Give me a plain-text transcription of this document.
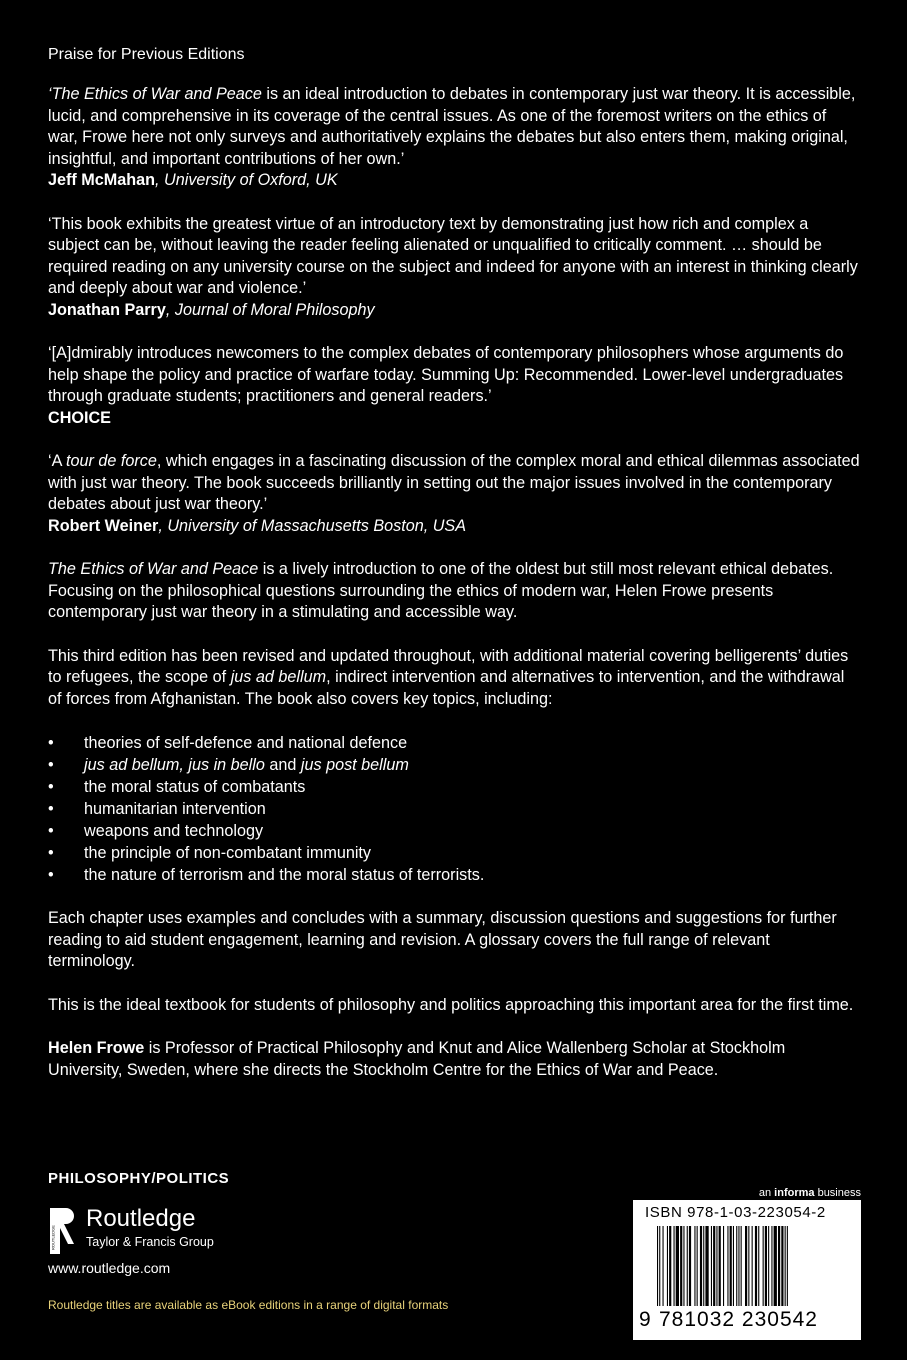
Praise for Previous Editions

‘The Ethics of War and Peace is an ideal introduction to debates in contemporary just war theory. It is accessible, lucid, and comprehensive in its coverage of the central issues. As one of the foremost writers on the ethics of war, Frowe here not only surveys and authoritatively explains the debates but also enters them, making original, insightful, and important contributions of her own.’

Jeff McMahan, University of Oxford, UK

‘This book exhibits the greatest virtue of an introductory text by demonstrating just how rich and complex a subject can be, without leaving the reader feeling alienated or unqualified to critically comment. … should be required reading on any university course on the subject and indeed for anyone with an interest in thinking clearly and deeply about war and violence.’

Jonathan Parry, Journal of Moral Philosophy

‘[A]dmirably introduces newcomers to the complex debates of contemporary philosophers whose arguments do help shape the policy and practice of warfare today. Summing Up: Recommended. Lower-level undergraduates through graduate students; practitioners and general readers.’

CHOICE

‘A tour de force, which engages in a fascinating discussion of the complex moral and ethical dilemmas associated with just war theory. The book succeeds brilliantly in setting out the major issues involved in the contemporary debates about just war theory.’

Robert Weiner, University of Massachusetts Boston, USA

The Ethics of War and Peace is a lively introduction to one of the oldest but still most relevant ethical debates. Focusing on the philosophical questions surrounding the ethics of modern war, Helen Frowe presents contemporary just war theory in a stimulating and accessible way.

This third edition has been revised and updated throughout, with additional material covering belligerents’ duties to refugees, the scope of jus ad bellum, indirect intervention and alternatives to intervention, and the withdrawal of forces from Afghanistan. The book also covers key topics, including:

•	theories of self-defence and national defence
•	jus ad bellum, jus in bello and jus post bellum
•	the moral status of combatants
•	humanitarian intervention
•	weapons and technology
•	the principle of non-combatant immunity
•	the nature of terrorism and the moral status of terrorists.

Each chapter uses examples and concludes with a summary, discussion questions and suggestions for further reading to aid student engagement, learning and revision. A glossary covers the full range of relevant terminology.

This is the ideal textbook for students of philosophy and politics approaching this important area for the first time.

Helen Frowe is Professor of Practical Philosophy and Knut and Alice Wallenberg Scholar at Stockholm University, Sweden, where she directs the Stockholm Centre for the Ethics of War and Peace.

PHILOSOPHY/POLITICS
ROUTLEDGE
Routledge
Taylor & Francis Group
www.routledge.com
Routledge titles are available as eBook editions in a range of digital formats
an informa business
ISBN 978-1-03-223054-2
9 781032 230542
